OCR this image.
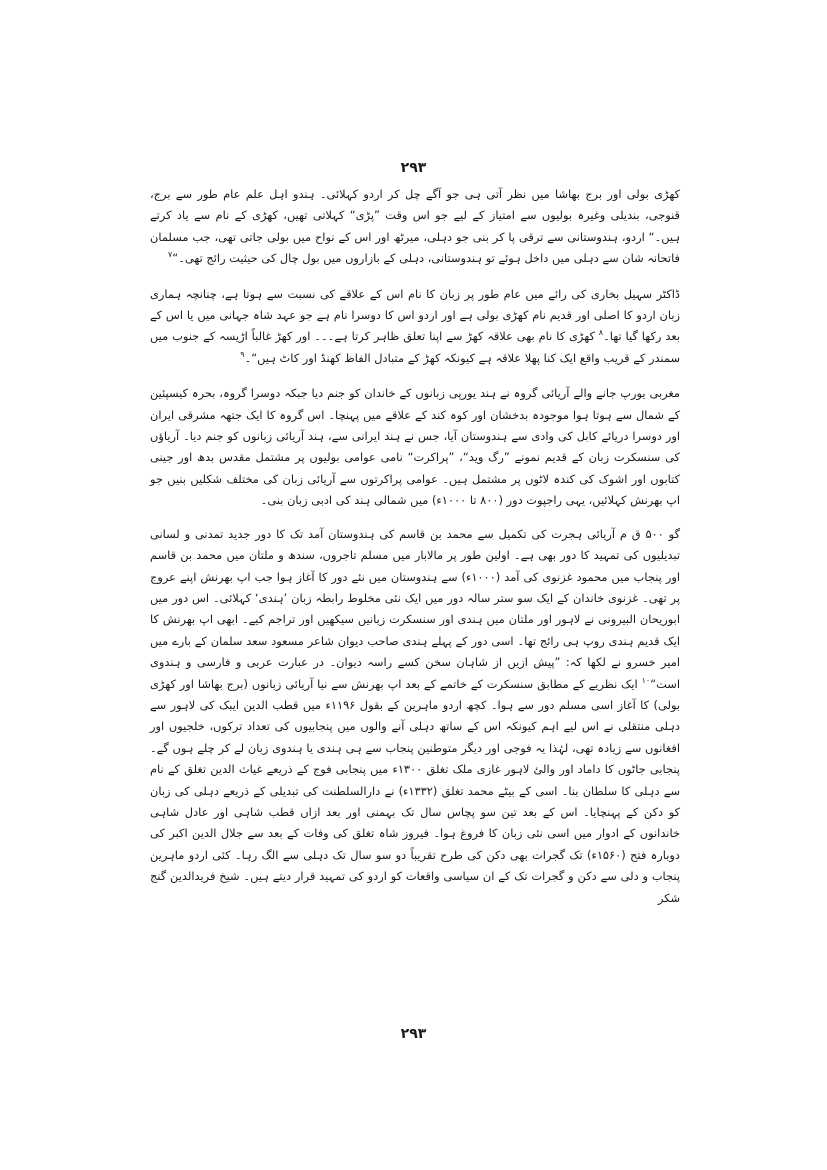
۲۹۳

کھڑی بولی اور برج بھاشا میں نظر آتی ہی جو آگے چل کر اردو کہلائی۔ ہندو اہل علم عام طور سے برج، قنوجی، بندیلی وغیرہ بولیوں سے امتیاز کے لیے جو اس وقت ”پڑی“ کہلاتی تھیں، کھڑی کے نام سے یاد کرتے ہیں۔“ اردو، ہندوستانی سے ترقی پا کر بنی جو دہلی، میرٹھ اور اس کے نواح میں بولی جاتی تھی، جب مسلمان فاتحانہ شان سے دہلی میں داخل ہوئے تو ہندوستانی، دہلی کے بازاروں میں بول چال کی حیثیت رائج تھی۔“$^۷$

ڈاکٹر سہیل بخاری کی رائے میں عام طور پر زبان کا نام اس کے علاقے کی نسبت سے ہوتا ہے، چنانچہ ہماری زبان اردو کا اصلی اور قدیم نام کھڑی بولی ہے اور اردو اس کا دوسرا نام ہے جو عہد شاہ جہانی میں یا اس کے بعد رکھا گیا تھا۔$^۸$ کھڑی کا نام بھی علاقہ کھڑ سے اپنا تعلق ظاہر کرتا ہے۔۔۔ اور کھڑ غالباً اڑیسہ کے جنوب میں سمندر کے قریب واقع ایک کنا پھلا علاقہ ہے کیونکہ کھڑ کے متبادل الفاظ کھنڈ اور کاٹ ہیں“۔$^۹$

مغربی یورپ جانے والے آریائی گروہ نے ہند یورپی زبانوں کے خاندان کو جنم دیا جبکہ دوسرا گروہ، بحرہ کیسپئین کے شمال سے ہوتا ہوا موجودہ بدخشان اور کوہ کند کے علاقے میں پہنچا۔ اس گروہ کا ایک جتھہ مشرقی ایران اور دوسرا دریائے کابل کی وادی سے ہندوستان آیا، جس نے ہند ایرانی سے، ہند آریائی زبانوں کو جنم دیا۔ آریاؤں کی سنسکرت زبان کے قدیم نمونے ”رگ وید“، ”پراکرت“ نامی عوامی بولیوں پر مشتمل مقدس بدھ اور جینی کتابوں اور اشوک کی کندہ لاٹوں پر مشتمل ہیں۔ عوامی پراکرتوں سے آریائی زبان کی مختلف شکلیں بنیں جو اپ بھرنش کہلائیں، یہی راجپوت دور (۸۰۰ تا ۱۰۰۰ء) میں شمالی ہند کی ادبی زبان بنی۔

گو ۵۰۰ ق م آریائی ہجرت کی تکمیل سے محمد بن قاسم کی ہندوستان آمد تک کا دور جدید تمدنی و لسانی تبدیلیوں کی تمہید کا دور بھی ہے۔ اولین طور پر مالابار میں مسلم تاجروں، سندھ و ملتان میں محمد بن قاسم اور پنجاب میں محمود غزنوی کی آمد (۱۰۰۰ء) سے ہندوستان میں نئے دور کا آغاز ہوا جب اپ بھرنش اپنے عروج پر تھی۔ غزنوی خاندان کے ایک سو ستر سالہ دور میں ایک نئی مخلوط رابطہ زبان ’ہندی‘ کہلائی۔ اس دور میں ابوریحان البیرونی نے لاہور اور ملتان میں ہندی اور سنسکرت زبانیں سیکھیں اور تراجم کیے۔ ابھی اپ بھرنش کا ایک قدیم ہندی روپ ہی رائج تھا۔ اسی دور کے پہلے ہندی صاحب دیوان شاعر مسعود سعد سلمان کے بارے میں امیر خسرو نے لکھا کہ: ”پیش ازیں از شاہان سخن کسے راسہ دیوان۔ در عبارت عربی و فارسی و ہندوی است“$^{۱۰}$ ایک نظریے کے مطابق سنسکرت کے خاتمے کے بعد اپ بھرنش سے نیا آریائی زبانوں (برج بھاشا اور کھڑی بولی) کا آغاز اسی مسلم دور سے ہوا۔ کچھ اردو ماہرین کے بقول ۱۱۹۶ء میں قطب الدین ایبک کی لاہور سے دہلی منتقلی نے اس لیے اہم کیونکہ اس کے ساتھ دہلی آنے والوں میں پنجابیوں کی تعداد ترکوں، خلجیوں اور افغانوں سے زیادہ تھی، لہٰذا یہ فوجی اور دیگر متوطنین پنجاب سے ہی ہندی یا ہندوی زبان لے کر چلے ہوں گے۔ پنجابی جاٹوں کا داماد اور والئ لاہور غازی ملک تغلق ۱۳۰۰ء میں پنجابی فوج کے ذریعے غیاث الدین تغلق کے نام سے دہلی کا سلطان بنا۔ اسی کے بیٹے محمد تغلق (۱۳۳۲ء) نے دارالسلطنت کی تبدیلی کے ذریعے دہلی کی زبان کو دکن کے پہنچایا۔ اس کے بعد تین سو پچاس سال تک بہمنی اور بعد ازاں قطب شاہی اور عادل شاہی خاندانوں کے ادوار میں اسی نئی زبان کا فروغ ہوا۔ فیروز شاہ تغلق کی وفات کے بعد سے جلال الدین اکبر کی دوبارہ فتح (۱۵۶۰ء) تک گجرات بھی دکن کی طرح تقریباً دو سو سال تک دہلی سے الگ رہا۔ کئی اردو ماہرین پنجاب و دلی سے دکن و گجرات تک کے ان سیاسی واقعات کو اردو کی تمہید قرار دیتے ہیں۔ شیخ فریدالدین گنج شکر

۲۹۳
